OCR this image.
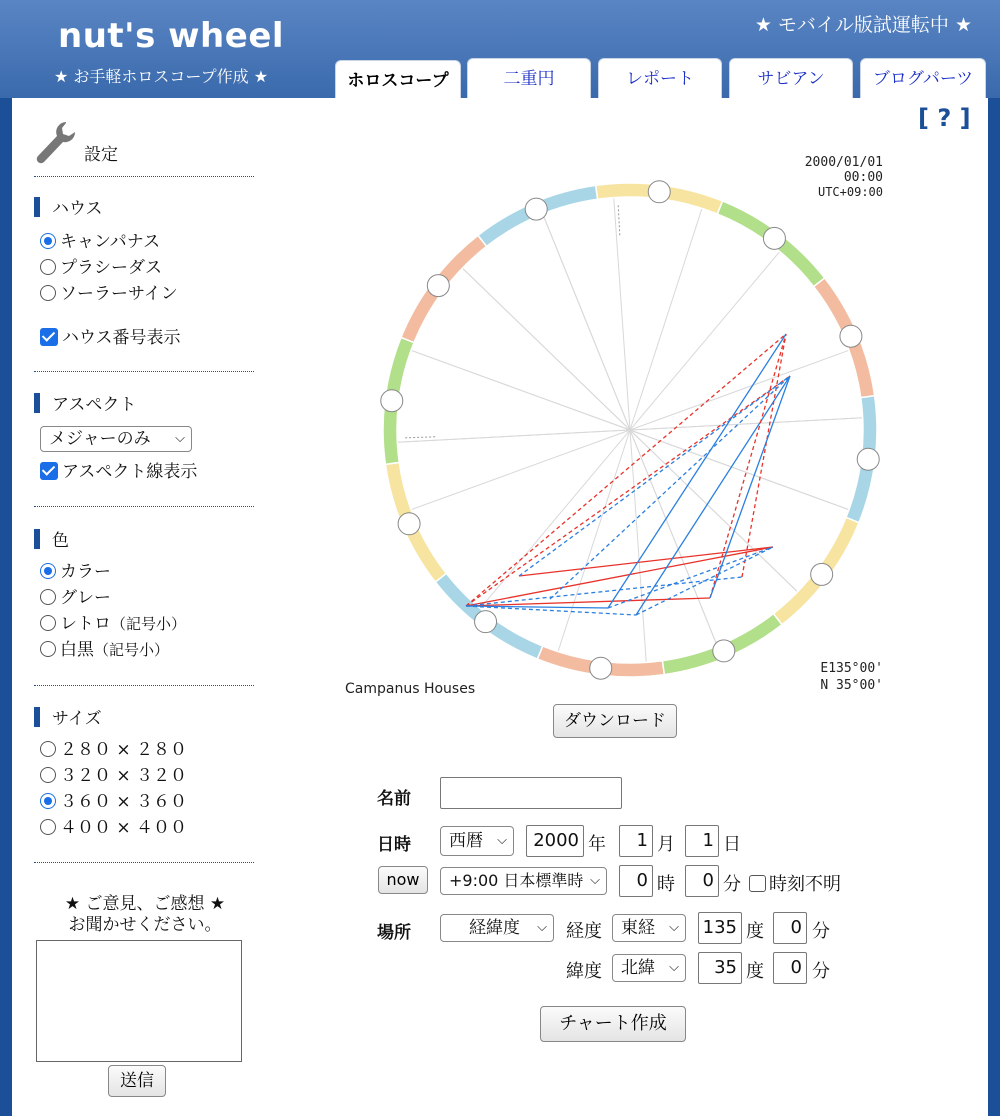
nut's wheel
★ お手軽ホロスコープ作成 ★
★ モバイル版試運転中 ★
ホロスコープ	二重円	レポート	サビアン	ブログパーツ
設定
ハウス
キャンパナス
プラシーダス
ソーラーサイン
ハウス番号表示
アスペクト
メジャーのみ ⌵
アスペクト線表示
色
カラー
グレー
レトロ（記号小）
白黒（記号小）
サイズ
２８０ × ２８０
３２０ × ３２０
３６０ × ３６０
４００ × ４００
★ ご意見、ご感想 ★
お聞かせください。
送信
[ ? ]
2000/01/01
00:00
UTC+09:00
Campanus Houses
E135°00'
N 35°00'
ダウンロード
名前
日時	西暦 ⌵	2000 年	1 月	1 日
now	+9:00 日本標準時 ⌵	0 時	0 分	時刻不明
場所	経緯度 ⌵ 経度	東経 ⌵ 135 度	0 分
緯度	北緯 ⌵	35 度	0 分
チャート作成
